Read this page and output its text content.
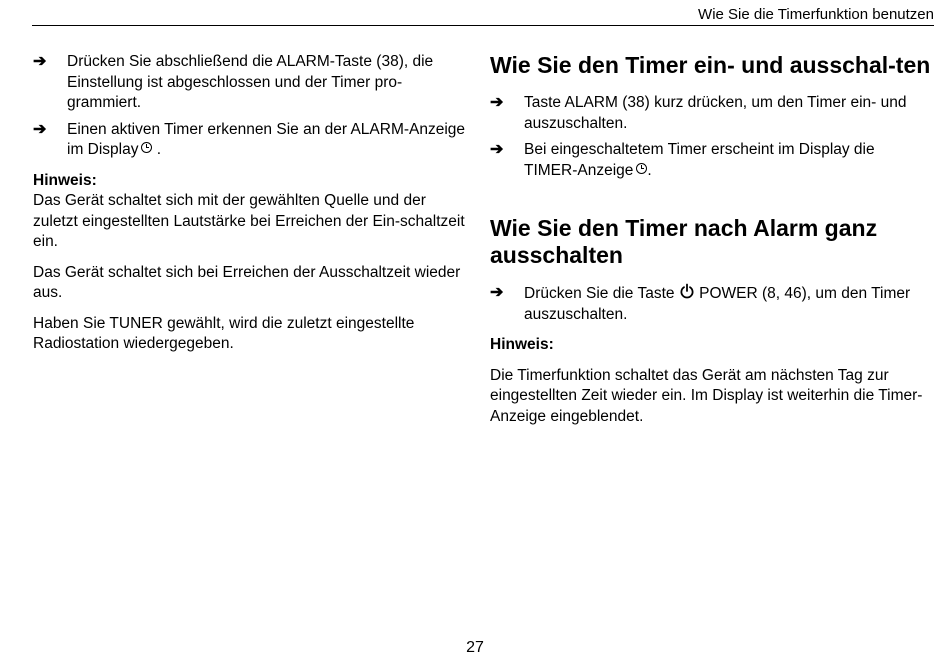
Wie Sie die Timerfunktion benutzen
➔	Drücken Sie abschließend die ALARM-Taste (38), die Einstellung ist abgeschlossen und der Timer pro-grammiert.
➔	Einen aktiven Timer erkennen Sie an der ALARM-Anzeige im Display .
Hinweis:

Das Gerät schaltet sich mit der gewählten Quelle und der zuletzt eingestellten Lautstärke bei Erreichen der Ein-schaltzeit ein.

Das Gerät schaltet sich bei Erreichen der Ausschaltzeit wieder aus.

Haben Sie TUNER gewählt, wird die zuletzt eingestellte Radiostation wiedergegeben.

Wie Sie den Timer ein- und ausschal-ten
➔	Taste ALARM (38) kurz drücken, um den Timer ein- und auszuschalten.
➔	Bei eingeschaltetem Timer erscheint im Display die TIMER-Anzeige .
Wie Sie den Timer nach Alarm ganz ausschalten
➔	Drücken Sie die Taste  POWER (8, 46), um den Timer auszuschalten.
Hinweis:

Die Timerfunktion schaltet das Gerät am nächsten Tag zur eingestellten Zeit wieder ein. Im Display ist weiterhin die Timer-Anzeige eingeblendet.

27
